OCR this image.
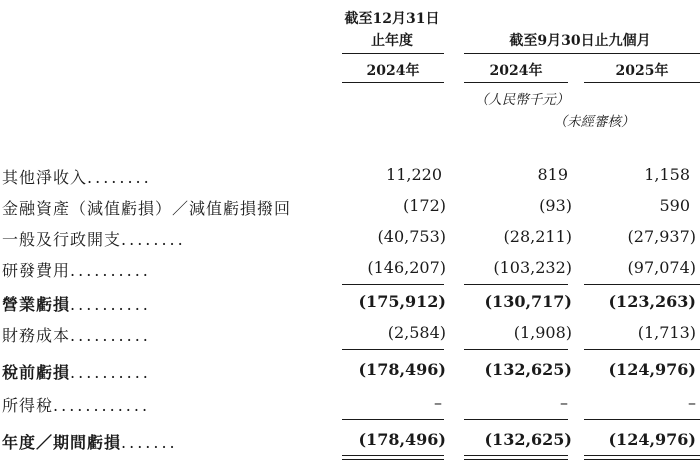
截至12月31日
止年度	截至9月30日止九個月
2024年	2024年	2025年
（人民幣千元）
（未經審核）
其他淨收入........	11,220	819	1,158
金融資產（減值虧損）／減值虧損撥回	(172)	(93)	590
一般及行政開支........	(40,753)	(28,211)	(27,937)
研發費用..........	(146,207)	(103,232)	(97,074)
營業虧損..........	(175,912)	(130,717)	(123,263)
財務成本..........	(2,584)	(1,908)	(1,713)
稅前虧損..........	(178,496)	(132,625)	(124,976)
所得稅............	–	–	–
年度／期間虧損.......	(178,496)	(132,625)	(124,976)
